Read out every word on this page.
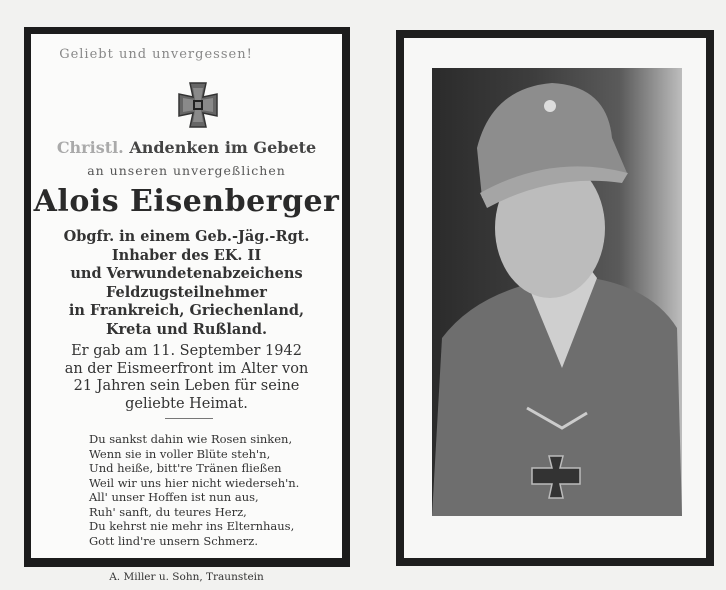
Geliebt und unvergessen!
Christl. Andenken im Gebete
an unseren unvergeßlichen
Alois Eisenberger
Obgfr. in einem Geb.-Jäg.-Rgt.
Inhaber des EK. II
und Verwundetenabzeichens
Feldzugsteilnehmer
in Frankreich, Griechenland,
Kreta und Rußland.
Er gab am 11. September 1942
an der Eismeerfront im Alter von
21 Jahren sein Leben für seine
geliebte Heimat.
Du sankst dahin wie Rosen sinken,
Wenn sie in voller Blüte steh'n,
Und heiße, bitt're Tränen fließen
Weil wir uns hier nicht wiederseh'n.
All' unser Hoffen ist nun aus,
Ruh' sanft, du teures Herz,
Du kehrst nie mehr ins Elternhaus,
Gott lind're unsern Schmerz.
A. Miller u. Sohn, Traunstein
